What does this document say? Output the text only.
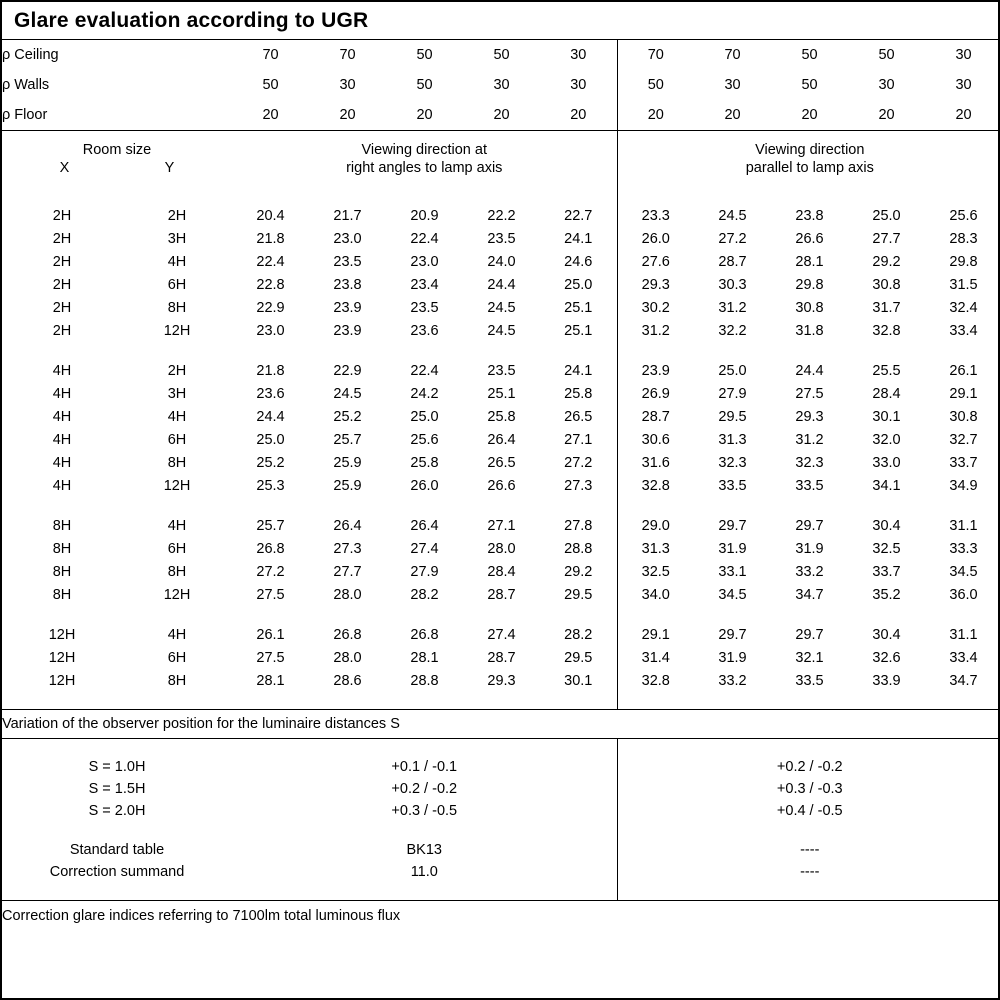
Glare evaluation according to UGR
ρ Ceiling		70	70	50	50	30	70	70	50	50	30
ρ Walls		50	30	50	30	30	50	30	50	30	30
ρ Floor		20	20	20	20	20	20	20	20	20	20

Room size
X Y		Viewing direction at
right angles to lamp axis					Viewing direction
parallel to lamp axis				

2H	2H	20.4	21.7	20.9	22.2	22.7	23.3	24.5	23.8	25.0	25.6
2H	3H	21.8	23.0	22.4	23.5	24.1	26.0	27.2	26.6	27.7	28.3
2H	4H	22.4	23.5	23.0	24.0	24.6	27.6	28.7	28.1	29.2	29.8
2H	6H	22.8	23.8	23.4	24.4	25.0	29.3	30.3	29.8	30.8	31.5
2H	8H	22.9	23.9	23.5	24.5	25.1	30.2	31.2	30.8	31.7	32.4
2H	12H	23.0	23.9	23.6	24.5	25.1	31.2	32.2	31.8	32.8	33.4

4H	2H	21.8	22.9	22.4	23.5	24.1	23.9	25.0	24.4	25.5	26.1
4H	3H	23.6	24.5	24.2	25.1	25.8	26.9	27.9	27.5	28.4	29.1
4H	4H	24.4	25.2	25.0	25.8	26.5	28.7	29.5	29.3	30.1	30.8
4H	6H	25.0	25.7	25.6	26.4	27.1	30.6	31.3	31.2	32.0	32.7
4H	8H	25.2	25.9	25.8	26.5	27.2	31.6	32.3	32.3	33.0	33.7
4H	12H	25.3	25.9	26.0	26.6	27.3	32.8	33.5	33.5	34.1	34.9

8H	4H	25.7	26.4	26.4	27.1	27.8	29.0	29.7	29.7	30.4	31.1
8H	6H	26.8	27.3	27.4	28.0	28.8	31.3	31.9	31.9	32.5	33.3
8H	8H	27.2	27.7	27.9	28.4	29.2	32.5	33.1	33.2	33.7	34.5
8H	12H	27.5	28.0	28.2	28.7	29.5	34.0	34.5	34.7	35.2	36.0

12H	4H	26.1	26.8	26.8	27.4	28.2	29.1	29.7	29.7	30.4	31.1
12H	6H	27.5	28.0	28.1	28.7	29.5	31.4	31.9	32.1	32.6	33.4
12H	8H	28.1	28.6	28.8	29.3	30.1	32.8	33.2	33.5	33.9	34.7

Variation of the observer position for the luminaire distances S											

S = 1.0H		+0.1 / -0.1					+0.2 / -0.2				
S = 1.5H		+0.2 / -0.2					+0.3 / -0.3				
S = 2.0H		+0.3 / -0.5					+0.4 / -0.5				

Standard table		BK13					----				
Correction summand		11.0					----				

Correction glare indices referring to 7100lm total luminous flux											
